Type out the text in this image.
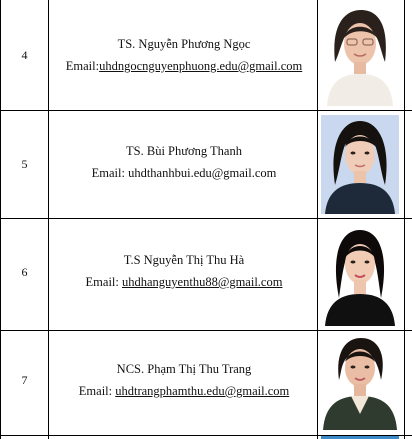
4
TS. Nguyễn Phương Ngọc
Email:uhdngocnguyenphuong.edu@gmail.com
5
TS. Bùi Phương Thanh
Email: uhdthanhbui.edu@gmail.com
6
T.S Nguyễn Thị Thu Hà
Email: uhdhanguyenthu88@gmail.com
7
NCS. Phạm Thị Thu Trang
Email: uhdtrangphamthu.edu@gmail.com
